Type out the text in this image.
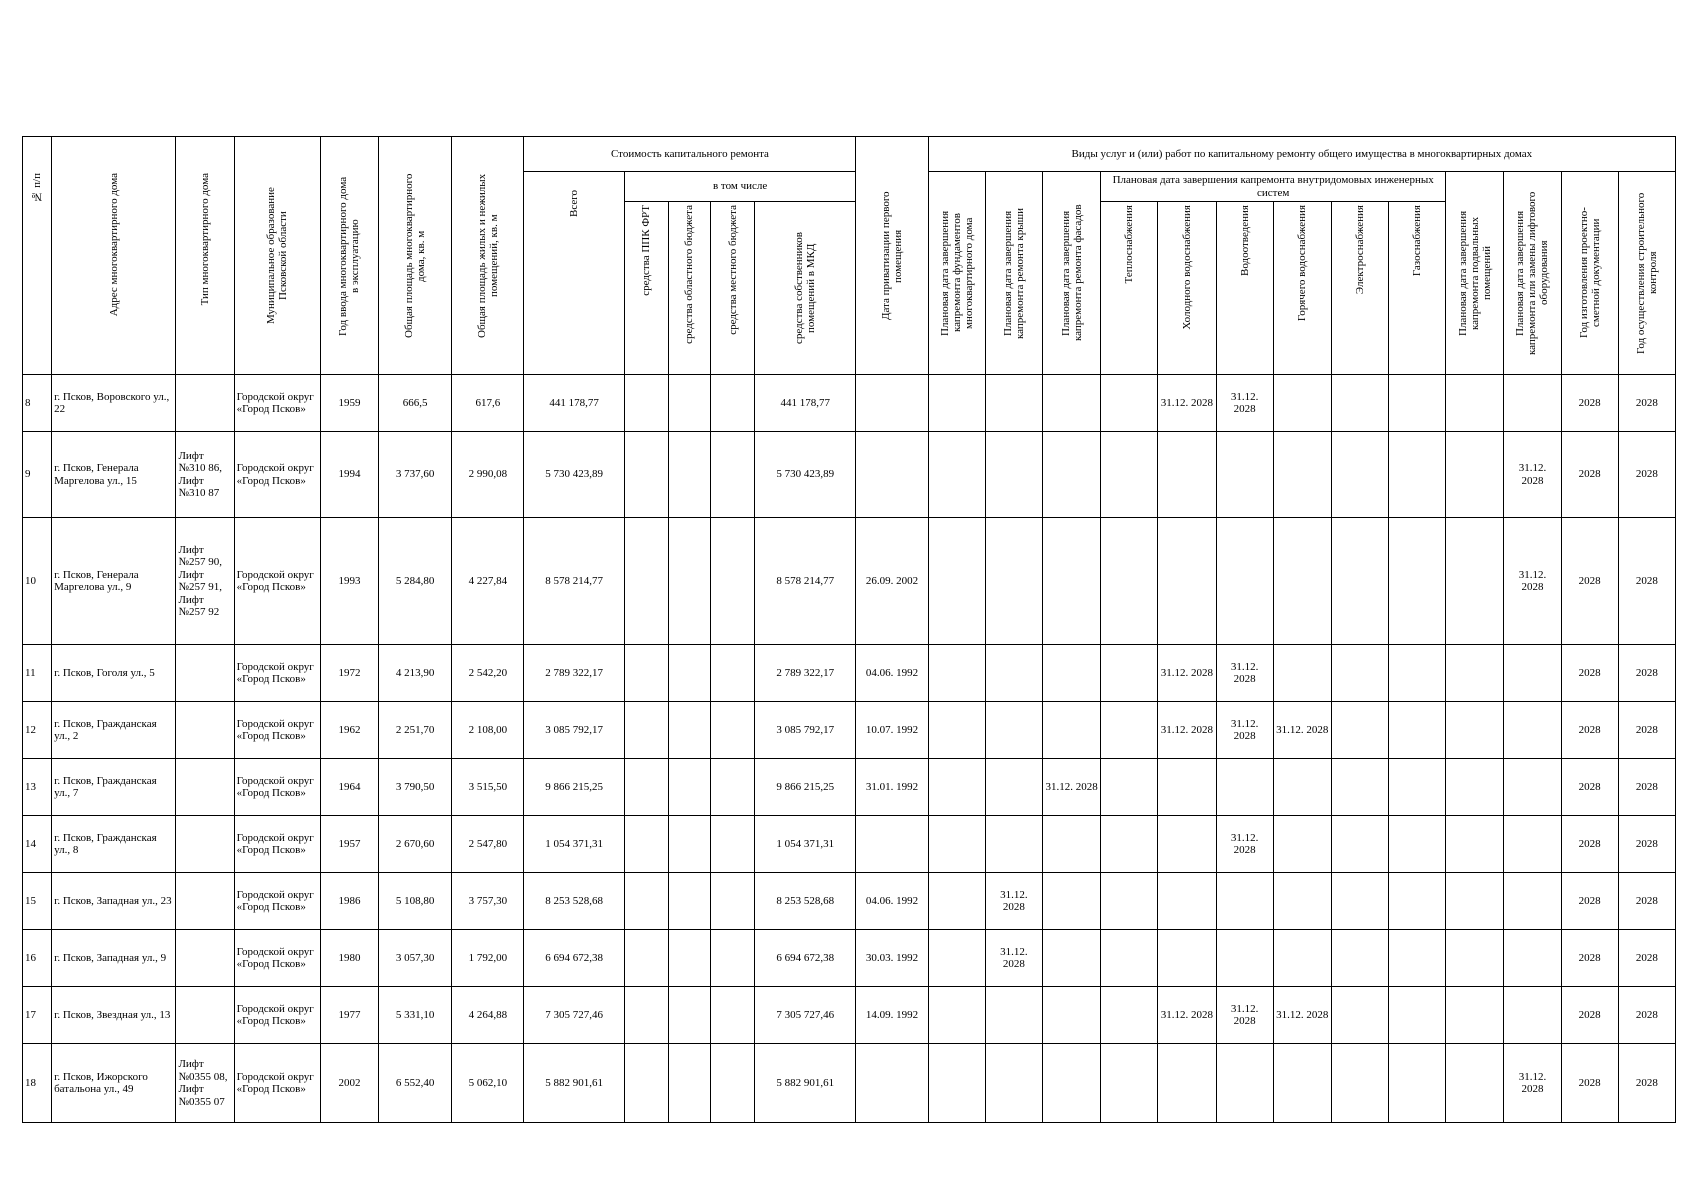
№ п/п	Адрес многоквартирного дома	Тип многоквартирного дома	Муниципальное образование Псковской области	Год ввода многоквартирного дома в эксплуатацию	Общая площадь многоквартирного дома, кв. м	Общая площадь жилых и нежилых помещений, кв. м	Стоимость капитального ремонта					Дата приватизации первого помещения	Виды услуг и (или) работ по капитальному ремонту общего имущества в многоквартирных домах												

							Всего	в том числе					Плановая дата завершения капремонта фундаментов многоквартирного дома	Плановая дата завершения капремонта ремонта крыши	Плановая дата завершения капремонта ремонта фасадов	Плановая дата завершения капремонта внутридомовых инженерных систем						Плановая дата завершения капремонта подвальных помещений	Плановая дата завершения капремонта или замены лифтового оборудования	Год изготовления проектно-сметной документации	Год осуществления строительного контроля

								средства ППК ФРТ	средства областного бюджета	средства местного бюджета	средства собственников помещений в МКД					Теплоснабжения	Холодного водоснабжения	Водоотведения	Горячего водоснабжения	Электроснабжения	Газоснабжения				

8	г. Псков, Воровского ул., 22		Городской округ «Город Псков»	1959	666,5	617,6	441 178,77				441 178,77						31.12. 2028	31.12. 2028						2028	2028
9	г. Псков, Генерала Маргелова ул., 15	Лифт №310 86, Лифт №310 87	Городской округ «Город Псков»	1994	3 737,60	2 990,08	5 730 423,89				5 730 423,89												31.12. 2028	2028	2028
10	г. Псков, Генерала Маргелова ул., 9	Лифт №257 90, Лифт №257 91, Лифт №257 92	Городской округ «Город Псков»	1993	5 284,80	4 227,84	8 578 214,77				8 578 214,77	26.09. 2002											31.12. 2028	2028	2028
11	г. Псков, Гоголя ул., 5		Городской округ «Город Псков»	1972	4 213,90	2 542,20	2 789 322,17				2 789 322,17	04.06. 1992					31.12. 2028	31.12. 2028						2028	2028
12	г. Псков, Гражданская ул., 2		Городской округ «Город Псков»	1962	2 251,70	2 108,00	3 085 792,17				3 085 792,17	10.07. 1992					31.12. 2028	31.12. 2028	31.12. 2028					2028	2028
13	г. Псков, Гражданская ул., 7		Городской округ «Город Псков»	1964	3 790,50	3 515,50	9 866 215,25				9 866 215,25	31.01. 1992			31.12. 2028									2028	2028
14	г. Псков, Гражданская ул., 8		Городской округ «Город Псков»	1957	2 670,60	2 547,80	1 054 371,31				1 054 371,31							31.12. 2028						2028	2028
15	г. Псков, Западная ул., 23		Городской округ «Город Псков»	1986	5 108,80	3 757,30	8 253 528,68				8 253 528,68	04.06. 1992		31.12. 2028										2028	2028
16	г. Псков, Западная ул., 9		Городской округ «Город Псков»	1980	3 057,30	1 792,00	6 694 672,38				6 694 672,38	30.03. 1992		31.12. 2028										2028	2028
17	г. Псков, Звездная ул., 13		Городской округ «Город Псков»	1977	5 331,10	4 264,88	7 305 727,46				7 305 727,46	14.09. 1992					31.12. 2028	31.12. 2028	31.12. 2028					2028	2028
18	г. Псков, Ижорского батальона ул., 49	Лифт №0355 08, Лифт №0355 07	Городской округ «Город Псков»	2002	6 552,40	5 062,10	5 882 901,61				5 882 901,61												31.12. 2028	2028	2028
